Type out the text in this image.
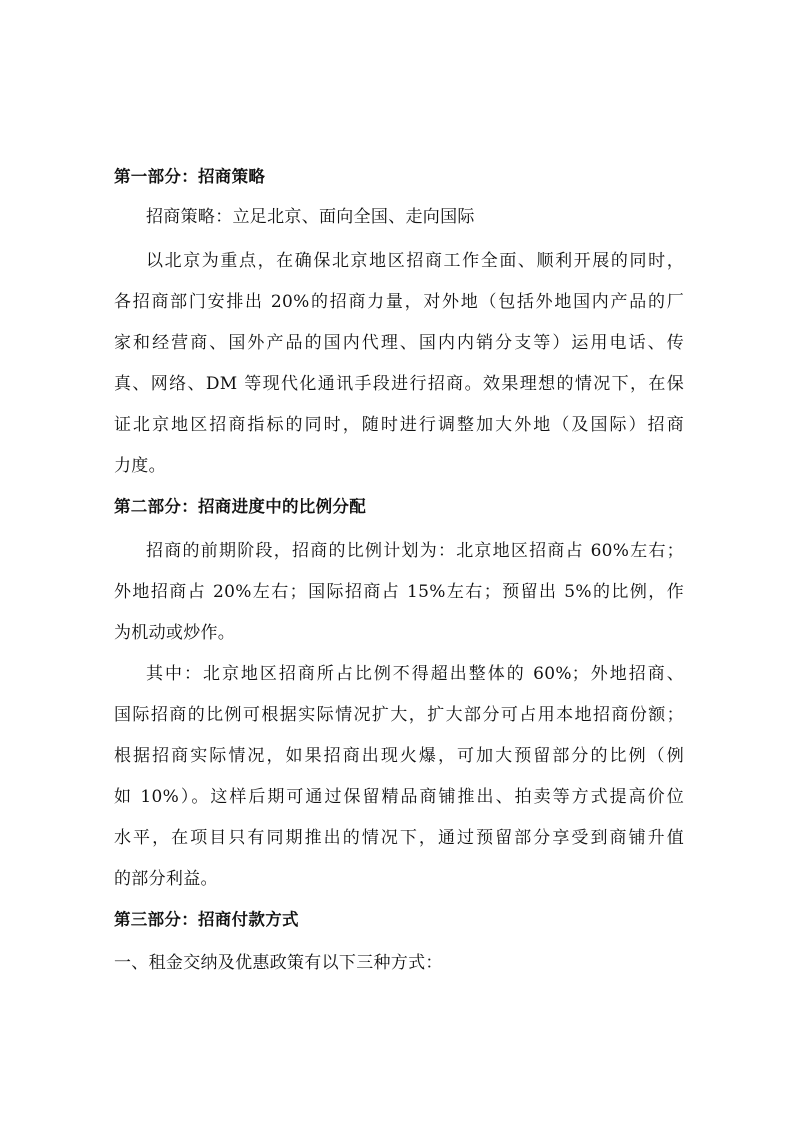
第一部分：招商策略
招商策略：立足北京、面向全国、走向国际
以北京为重点，在确保北京地区招商工作全面、顺利开展的同时，
各招商部门安排出 20%的招商力量，对外地（包括外地国内产品的厂
家和经营商、国外产品的国内代理、国内内销分支等）运用电话、传
真、网络、DM 等现代化通讯手段进行招商。效果理想的情况下，在保
证北京地区招商指标的同时，随时进行调整加大外地（及国际）招商
力度。
第二部分：招商进度中的比例分配
招商的前期阶段，招商的比例计划为：北京地区招商占 60%左右；
外地招商占 20%左右；国际招商占 15%左右；预留出 5%的比例，作
为机动或炒作。
其中：北京地区招商所占比例不得超出整体的 60%；外地招商、
国际招商的比例可根据实际情况扩大，扩大部分可占用本地招商份额；
根据招商实际情况，如果招商出现火爆，可加大预留部分的比例（例
如 10%）。这样后期可通过保留精品商铺推出、拍卖等方式提高价位
水平，在项目只有同期推出的情况下，通过预留部分享受到商铺升值
的部分利益。
第三部分：招商付款方式
一、租金交纳及优惠政策有以下三种方式：
